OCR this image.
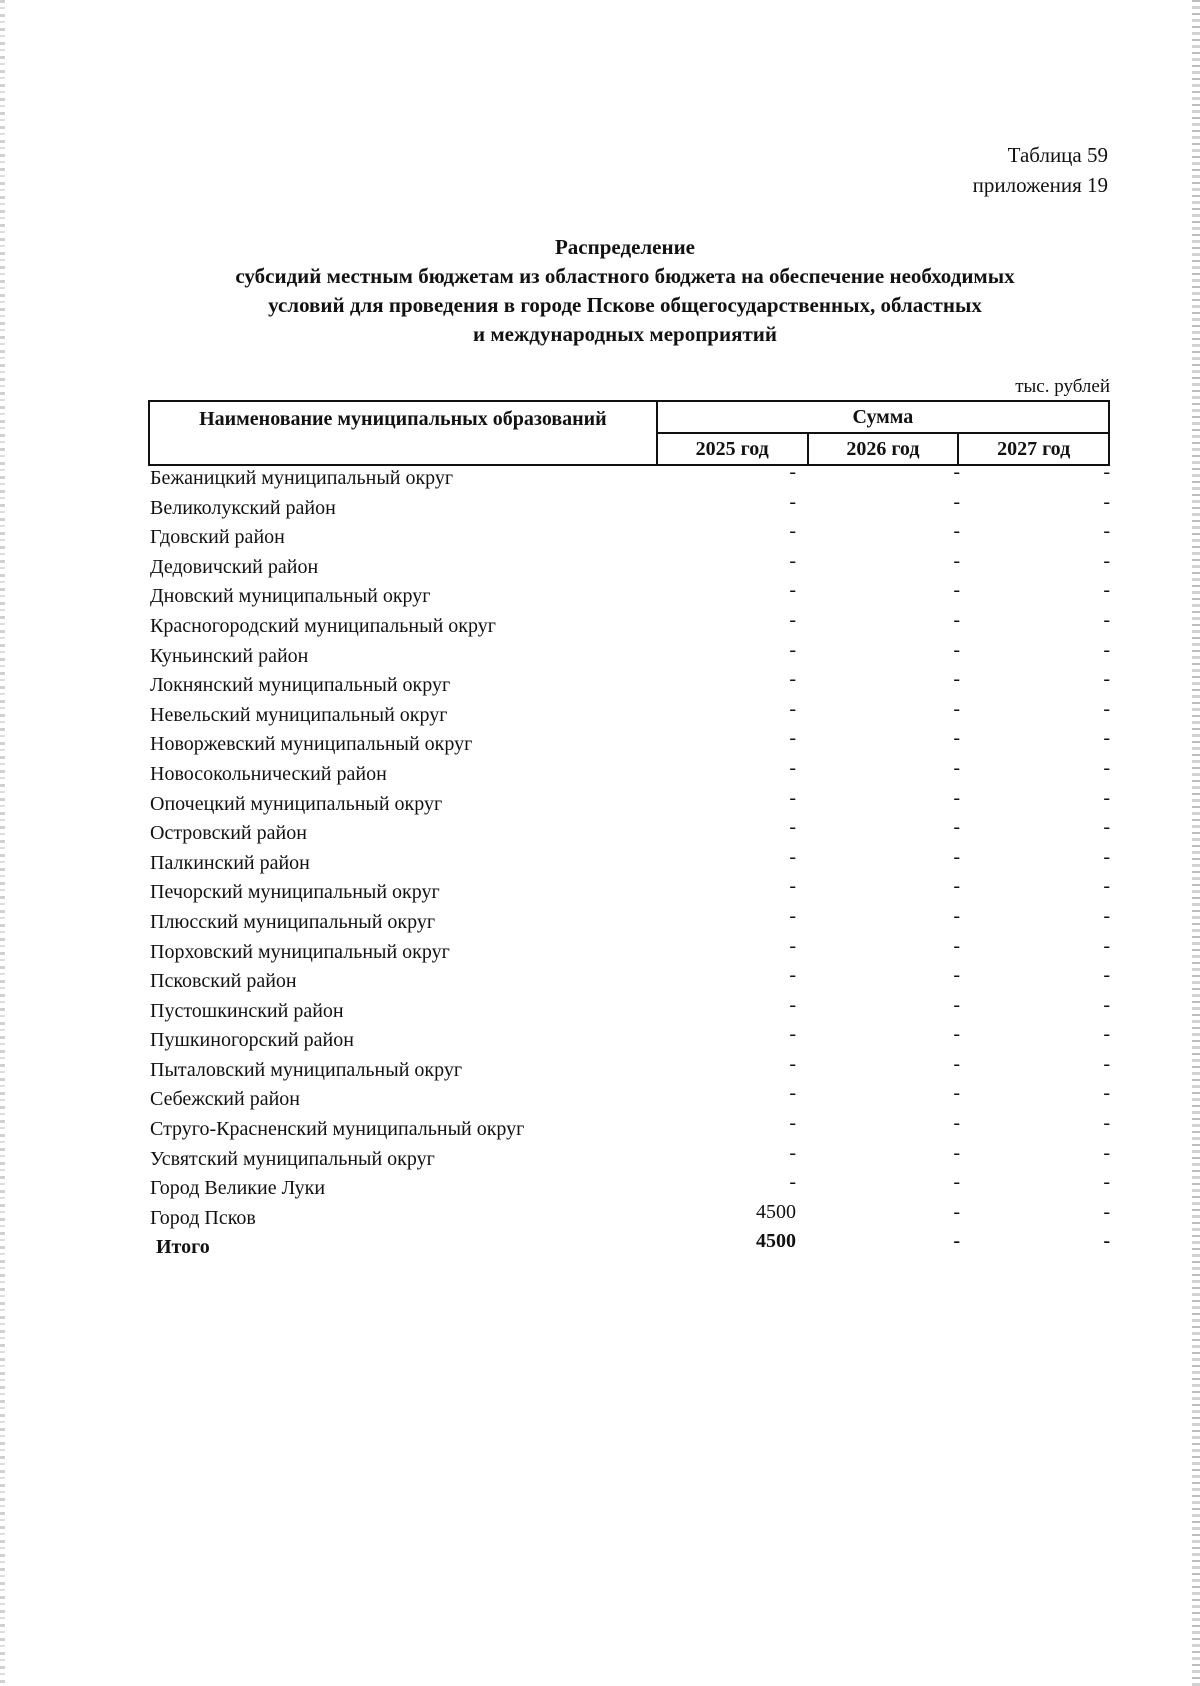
Таблица 59
приложения 19
Распределение
субсидий местным бюджетам из областного бюджета на обеспечение необходимых
условий для проведения в городе Пскове общегосударственных, областных
и международных мероприятий
тыс. рублей
Наименование муниципальных образований	Сумма		
	2025 год	2026 год	2027 год
Бежаницкий муниципальный округ	-	-	-
Великолукский район	-	-	-
Гдовский район	-	-	-
Дедовичский район	-	-	-
Дновский муниципальный округ	-	-	-
Красногородский муниципальный округ	-	-	-
Куньинский район	-	-	-
Локнянский муниципальный округ	-	-	-
Невельский муниципальный округ	-	-	-
Новоржевский муниципальный округ	-	-	-
Новосокольнический район	-	-	-
Опочецкий муниципальный округ	-	-	-
Островский район	-	-	-
Палкинский район	-	-	-
Печорский муниципальный округ	-	-	-
Плюсский муниципальный округ	-	-	-
Порховский муниципальный округ	-	-	-
Псковский район	-	-	-
Пустошкинский район	-	-	-
Пушкиногорский район	-	-	-
Пыталовский муниципальный округ	-	-	-
Себежский район	-	-	-
Струго-Красненский муниципальный округ	-	-	-
Усвятский муниципальный округ	-	-	-
Город Великие Луки	-	-	-
Город Псков	4500	-	-
Итого	4500	-	-
